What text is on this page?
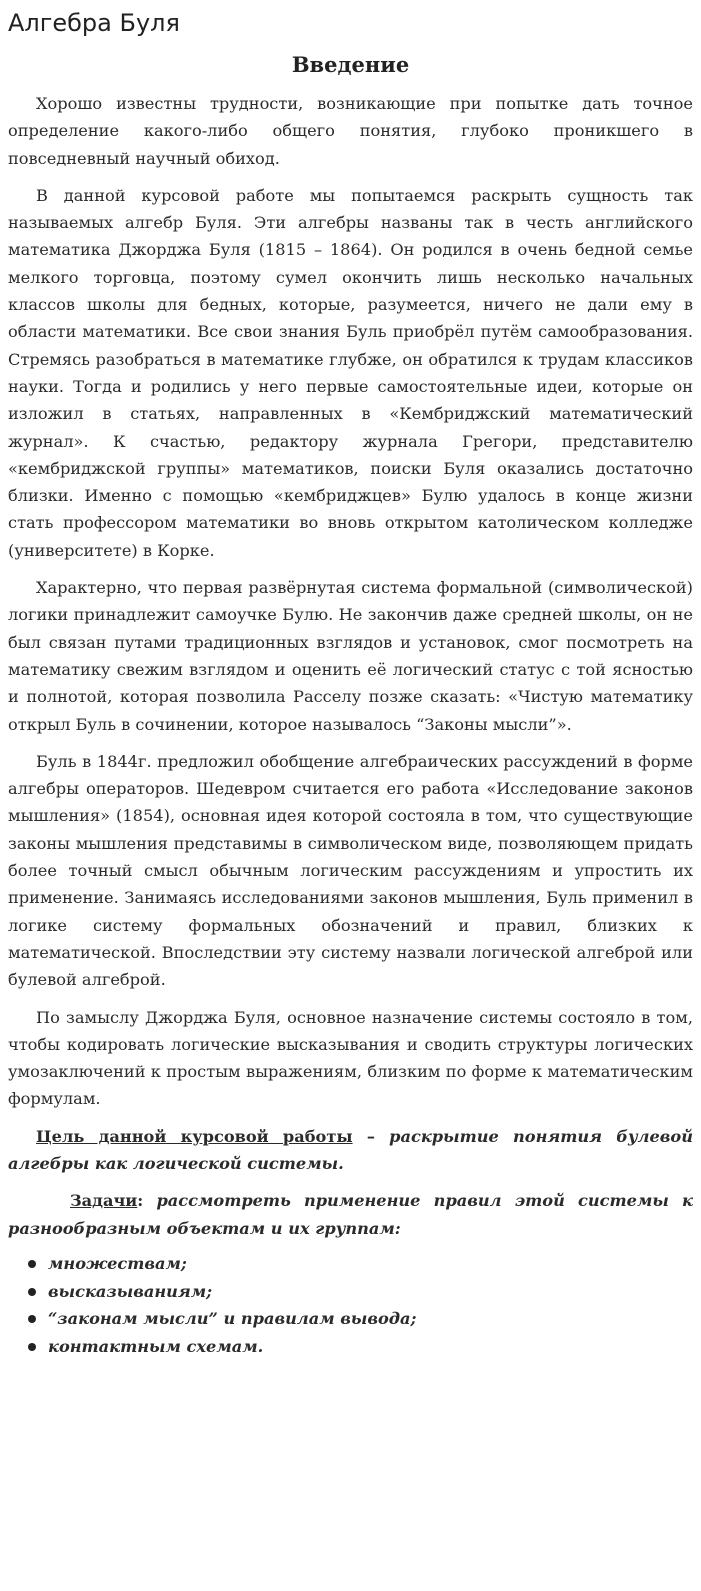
Алгебра Буля
Введение

Хорошо известны трудности, возникающие при попытке дать точное определение какого-либо общего понятия, глубоко проникшего в повседневный научный обиход.

В данной курсовой работе мы попытаемся раскрыть сущность так называемых алгебр Буля. Эти алгебры названы так в честь английского математика Джорджа Буля (1815 – 1864). Он родился в очень бедной семье мелкого торговца, поэтому сумел окончить лишь несколько начальных классов школы для бедных, которые, разумеется, ничего не дали ему в области математики. Все свои знания Буль приобрёл путём самообразования. Стремясь разобраться в математике глубже, он обратился к трудам классиков науки. Тогда и родились у него первые самостоятельные идеи, которые он изложил в статьях, направленных в «Кембриджский математический журнал». К счастью, редактору журнала Грегори, представителю «кембриджской группы» математиков, поиски Буля оказались достаточно близки. Именно с помощью «кембриджцев» Булю удалось в конце жизни стать профессором математики во вновь открытом католическом колледже (университете) в Корке.

Характерно, что первая развёрнутая система формальной (символической) логики принадлежит самоучке Булю. Не закончив даже средней школы, он не был связан путами традиционных взглядов и установок, смог посмотреть на математику свежим взглядом и оценить её логический статус с той ясностью и полнотой, которая позволила Расселу позже сказать: «Чистую математику открыл Буль в сочинении, которое называлось “Законы мысли”».

Буль в 1844г. предложил обобщение алгебраических рассуждений в форме алгебры операторов. Шедевром считается его работа «Исследование законов мышления» (1854), основная идея которой состояла в том, что существующие законы мышления представимы в символическом виде, позволяющем придать более точный смысл обычным логическим рассуждениям и упростить их применение. Занимаясь исследованиями законов мышления, Буль применил в логике систему формальных обозначений и правил, близких к математической. Впоследствии эту систему назвали логической алгеброй или булевой алгеброй.

По замыслу Джорджа Буля, основное назначение системы состояло в том, чтобы кодировать логические высказывания и сводить структуры логических умозаключений к простым выражениям, близким по форме к математическим формулам.

Цель данной курсовой работы – раскрытие понятия булевой алгебры как логической системы.

Задачи: рассмотреть применение правил этой системы к разнообразным объектам и их группам:

множествам;
высказываниям;
“законам мысли” и правилам вывода;
контактным схемам.
